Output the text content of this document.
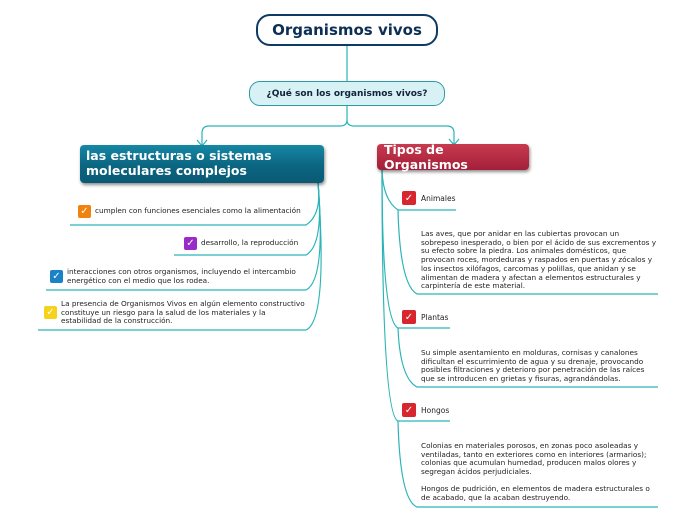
Organismos vivos
¿Qué son los organismos vivos?
las estructuras o sistemas moleculares complejos
Tipos de Organismos
✓ cumplen con funciones esenciales como la alimentación
✓ desarrollo, la reproducción
✓ interacciones con otros organismos, incluyendo el intercambio energético con el medio que los rodea.
✓
La presencia de Organismos Vivos en algún elemento constructivo constituye un riesgo para la salud de los materiales y la estabilidad de la construcción.
✓	Animales
Las aves, que por anidar en las cubiertas provocan un sobrepeso inesperado, o bien por el ácido de sus excrementos y su efecto sobre la piedra. Los animales domésticos, que provocan roces, mordeduras y raspados en puertas y zócalos y los insectos xilófagos, carcomas y polillas, que anidan y se alimentan de madera y afectan a elementos estructurales y carpintería de este material.
✓	Plantas
Su simple asentamiento en molduras, cornisas y canalones dificultan el escurrimiento de agua y su drenaje, provocando posibles filtraciones y deterioro por penetración de las raíces que se introducen en grietas y fisuras, agrandándolas.
✓	Hongos
Colonias en materiales porosos, en zonas poco asoleadas y ventiladas, tanto en exteriores como en interiores (armarios); colonias que acumulan humedad, producen malos olores y segregan ácidos perjudiciales.
Hongos de pudrición, en elementos de madera estructurales o de acabado, que la acaban destruyendo.
